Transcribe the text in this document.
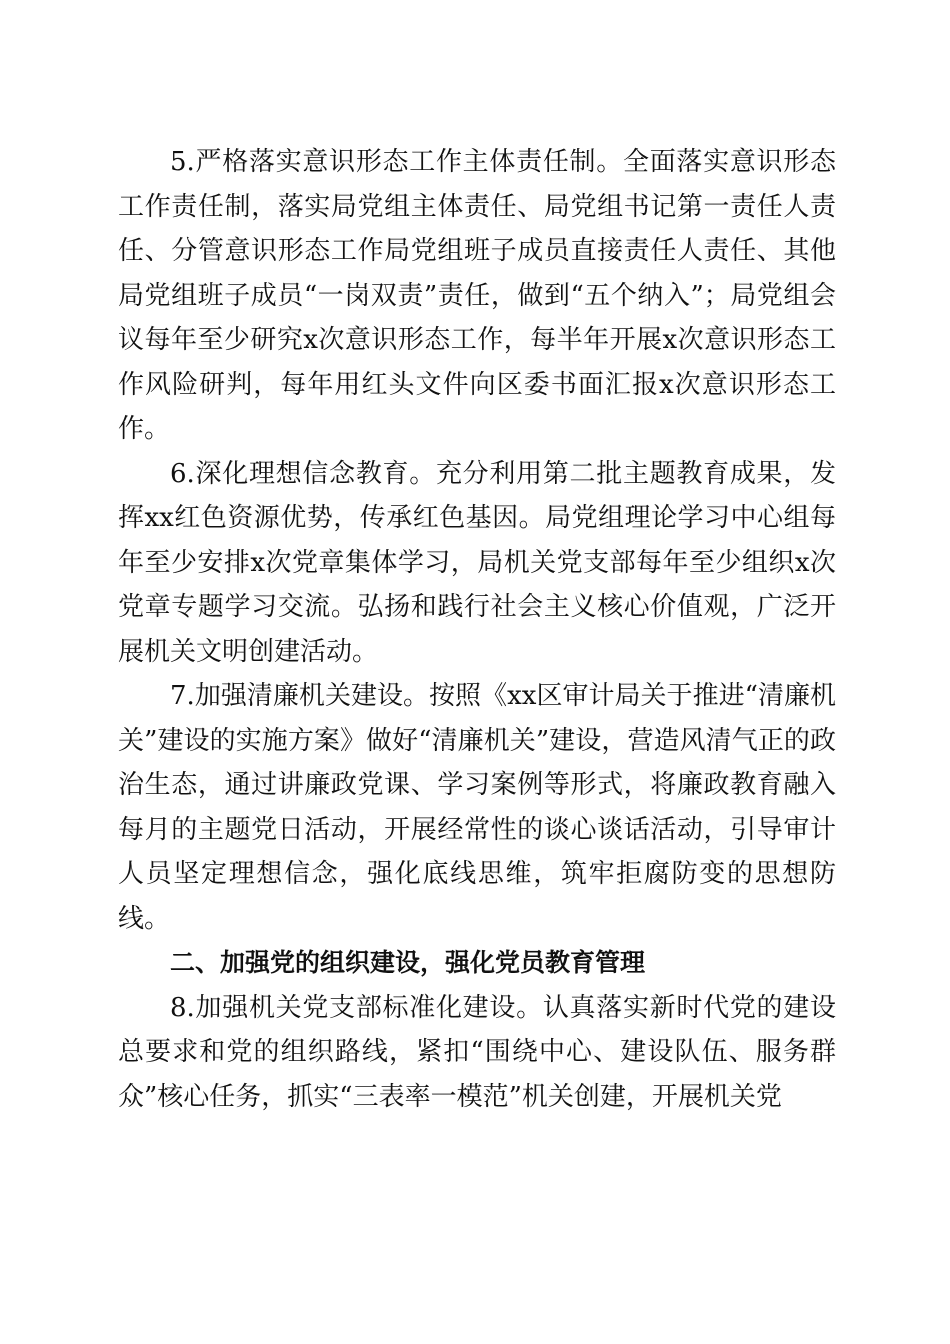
5.严格落实意识形态工作主体责任制。全面落实意识形态工作责任制，落实局党组主体责任、局党组书记第一责任人责任、分管意识形态工作局党组班子成员直接责任人责任、其他局党组班子成员“一岗双责”责任，做到“五个纳入”；局党组会议每年至少研究x次意识形态工作，每半年开展x次意识形态工作风险研判，每年用红头文件向区委书面汇报x次意识形态工作。

6.深化理想信念教育。充分利用第二批主题教育成果，发挥xx红色资源优势，传承红色基因。局党组理论学习中心组每年至少安排x次党章集体学习，局机关党支部每年至少组织x次党章专题学习交流。弘扬和践行社会主义核心价值观，广泛开展机关文明创建活动。

7.加强清廉机关建设。按照《xx区审计局关于推进“清廉机关”建设的实施方案》做好“清廉机关”建设，营造风清气正的政治生态，通过讲廉政党课、学习案例等形式，将廉政教育融入每月的主题党日活动，开展经常性的谈心谈话活动，引导审计人员坚定理想信念，强化底线思维，筑牢拒腐防变的思想防线。

二、加强党的组织建设，强化党员教育管理

8.加强机关党支部标准化建设。认真落实新时代党的建设总要求和党的组织路线，紧扣“围绕中心、建设队伍、服务群众”核心任务，抓实“三表率一模范”机关创建，开展机关党
